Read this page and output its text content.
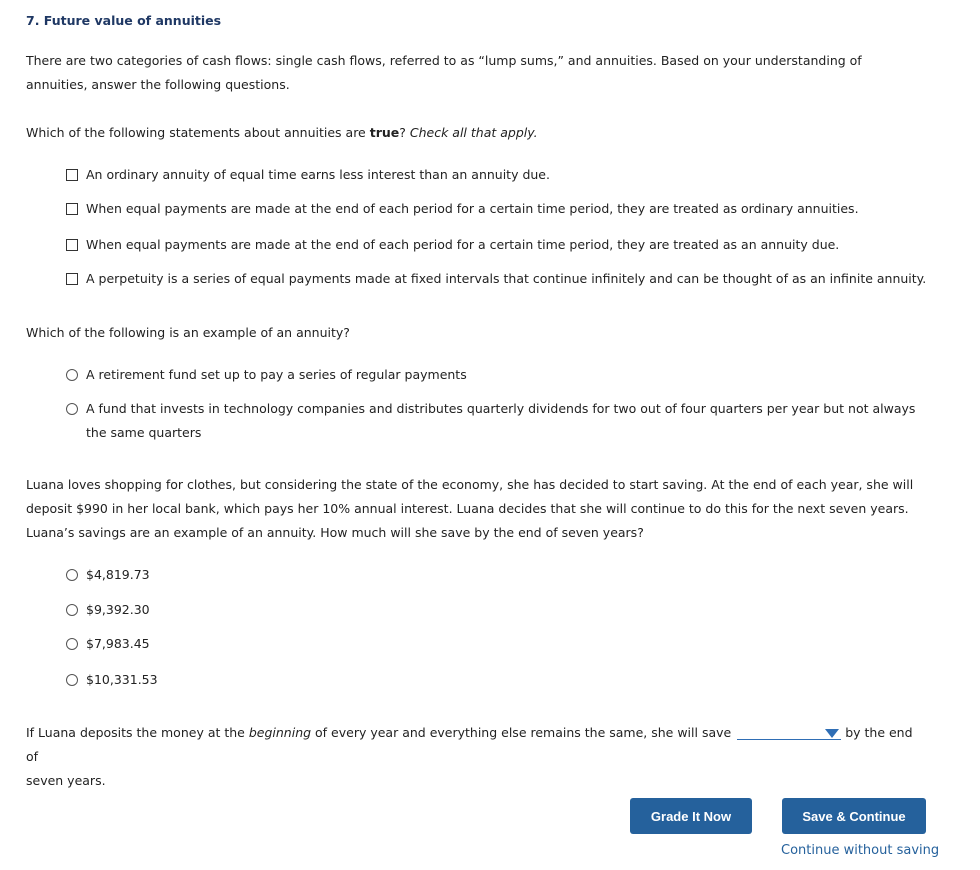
7. Future value of annuities

There are two categories of cash flows: single cash flows, referred to as “lump sums,” and annuities. Based on your understanding of annuities, answer the following questions.

Which of the following statements about annuities are true? Check all that apply.

An ordinary annuity of equal time earns less interest than an annuity due.
When equal payments are made at the end of each period for a certain time period, they are treated as ordinary annuities.
When equal payments are made at the end of each period for a certain time period, they are treated as an annuity due.
A perpetuity is a series of equal payments made at fixed intervals that continue infinitely and can be thought of as an infinite annuity.

Which of the following is an example of an annuity?

A retirement fund set up to pay a series of regular payments
A fund that invests in technology companies and distributes quarterly dividends for two out of four quarters per year but not always the same quarters

Luana loves shopping for clothes, but considering the state of the economy, she has decided to start saving. At the end of each year, she will deposit $990 in her local bank, which pays her 10% annual interest. Luana decides that she will continue to do this for the next seven years. Luana’s savings are an example of an annuity. How much will she save by the end of seven years?

$4,819.73
$9,392.30
$7,983.45
$10,331.53

If Luana deposits the money at the beginning of every year and everything else remains the same, she will save	by the end of
seven years.

Grade It Now	Save & Continue
Continue without saving
